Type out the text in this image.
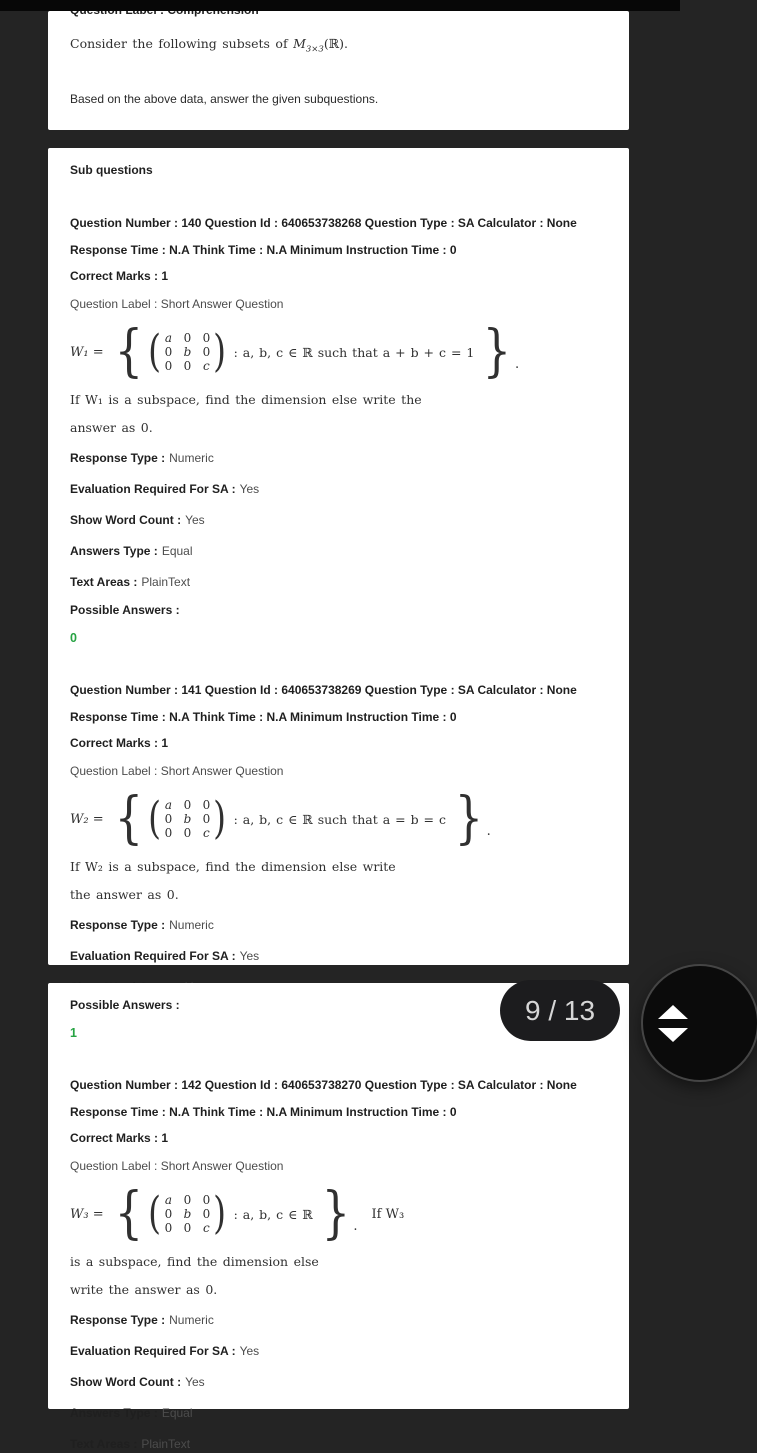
Consider the following subsets of $M_{3\times 3}(ℝ)$.
Based on the above data, answer the given subquestions.
Sub questions
Question Number : 140 Question Id : 640653738268 Question Type : SA Calculator : None
Response Time : N.A Think Time : N.A Minimum Instruction Time : 0
Correct Marks : 1
Question Label : Short Answer Question
W₁ = { ( a 0 0
0 b 0
0 0 c ) : a, b, c ∈ ℝ such that a + b + c = 1 } .
If W₁ is a subspace, find the dimension else write the
answer as 0.
Response Type : Numeric
Evaluation Required For SA : Yes
Show Word Count : Yes
Answers Type : Equal
Text Areas : PlainText
Possible Answers :
0
Question Number : 141 Question Id : 640653738269 Question Type : SA Calculator : None
Response Time : N.A Think Time : N.A Minimum Instruction Time : 0
Correct Marks : 1
Question Label : Short Answer Question
W₂ = { ( a 0 0
0 b 0
0 0 c ) : a, b, c ∈ ℝ such that a = b = c } .
If W₂ is a subspace, find the dimension else write
the answer as 0.
Response Type : Numeric
Evaluation Required For SA : Yes
Possible Answers :
1
Question Number : 142 Question Id : 640653738270 Question Type : SA Calculator : None
Response Time : N.A Think Time : N.A Minimum Instruction Time : 0
Correct Marks : 1
Question Label : Short Answer Question
W₃ = { ( a 0 0
0 b 0
0 0 c ) : a, b, c ∈ ℝ } .
If W₃
is a subspace, find the dimension else
write the answer as 0.
Response Type : Numeric
Evaluation Required For SA : Yes
Show Word Count : Yes
Answers Type : Equal
Text Areas : PlainText
9 / 13
